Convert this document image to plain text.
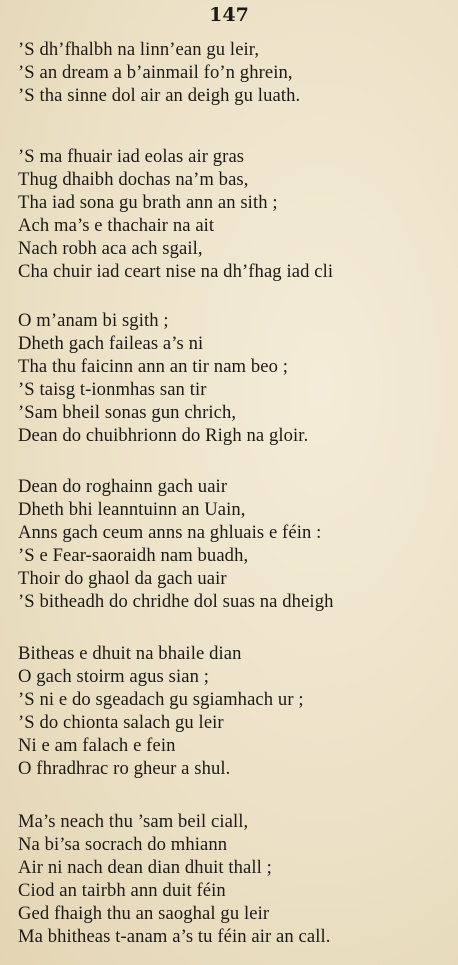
147
’S dh’fhalbh na linn’ean gu leir,
’S an dream a b’ainmail fo’n ghrein,
’S tha sinne dol air an deigh gu luath.
’S ma fhuair iad eolas air gras
Thug dhaibh dochas na’m bas,
Tha iad sona gu brath ann an sith ;
Ach ma’s e thachair na ait
Nach robh aca ach sgail,
Cha chuir iad ceart nise na dh’fhag iad cli
O m’anam bi sgith ;
Dheth gach faileas a’s ni
Tha thu faicinn ann an tir nam beo ;
’S taisg t-ionmhas san tir
’Sam bheil sonas gun chrich,
Dean do chuibhrionn do Righ na gloir.
Dean do roghainn gach uair
Dheth bhi leanntuinn an Uain,
Anns gach ceum anns na ghluais e féin :
’S e Fear-saoraidh nam buadh,
Thoir do ghaol da gach uair
’S bitheadh do chridhe dol suas na dheigh
Bitheas e dhuit na bhaile dian
O gach stoirm agus sian ;
’S ni e do sgeadach gu sgiamhach ur ;
’S do chionta salach gu leir
Ni e am falach e fein
O fhradhrac ro gheur a shul.
Ma’s neach thu ’sam beil ciall,
Na bi’sa socrach do mhiann
Air ni nach dean dian dhuit thall ;
Ciod an tairbh ann duit féin
Ged fhaigh thu an saoghal gu leir
Ma bhitheas t-anam a’s tu féin air an call.
